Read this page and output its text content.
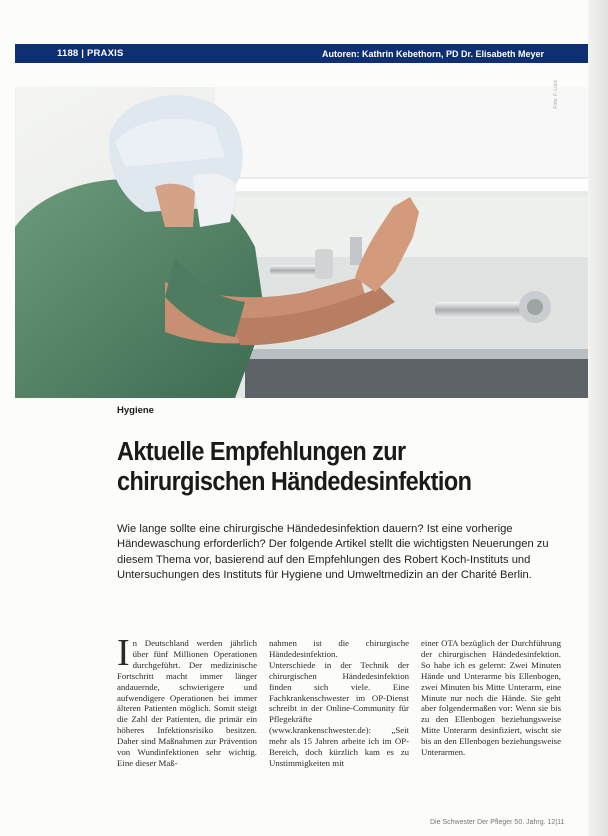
1188 | PRAXIS	Autoren: Kathrin Kebethorn, PD Dr. Elisabeth Meyer
Foto: F. Lück
Hygiene
Aktuelle Empfehlungen zur chirurgischen Händedesinfektion

Wie lange sollte eine chirurgische Händedesinfektion dauern? Ist eine vorherige Händewaschung erforderlich? Der folgende Artikel stellt die wichtigsten Neuerungen zu diesem Thema vor, basierend auf den Empfehlungen des Robert Koch-Instituts und Untersuchungen des Instituts für Hygiene und Umweltmedizin an der Charité Berlin.

In Deutschland werden jährlich über fünf Millionen Operationen durchgeführt. Der medizinische Fortschritt macht immer länger andauernde, schwierigere und aufwendigere Operationen bei immer älteren Patienten möglich. Somit steigt die Zahl der Patienten, die primär ein höheres Infektionsrisiko besitzen. Daher sind Maßnahmen zur Prävention von Wundinfektionen sehr wichtig. Eine dieser Maß-
nahmen ist die chirurgische Händedesinfektion.
Unterschiede in der Technik der chirurgischen Händedesinfektion finden sich viele. Eine Fachkrankenschwester im OP-Dienst schreibt in der Online-Community für Pflegekräfte (www.krankenschwester.de): „Seit mehr als 15 Jahren arbeite ich im OP-Bereich, doch kürzlich kam es zu Unstimmigkeiten mit
einer OTA bezüglich der Durchführung der chirurgischen Händedesinfektion. So habe ich es gelernt: Zwei Minuten Hände und Unterarme bis Ellenbogen, zwei Minuten bis Mitte Unterarm, eine Minute nur noch die Hände. Sie geht aber folgendermaßen vor: Wenn sie bis zu den Ellenbogen beziehungsweise Mitte Unterarm desinfiziert, wischt sie bis an den Ellenbogen beziehungsweise Unterarmen.
Die Schwester Der Pfleger 50. Jahrg. 12|11
